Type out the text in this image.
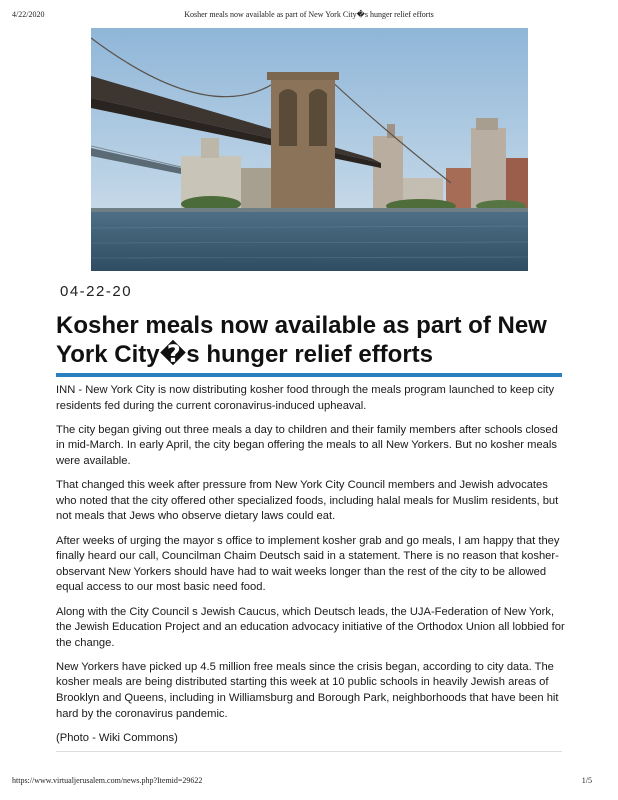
4/22/2020	Kosher meals now available as part of New York City�s hunger relief efforts
04-22-20
Kosher meals now available as part of New York City�s hunger relief efforts

INN - New York City is now distributing kosher food through the meals program launched to keep city residents fed during the current coronavirus-induced upheaval.

The city began giving out three meals a day to children and their family members after schools closed in mid-March. In early April, the city began offering the meals to all New Yorkers. But no kosher meals were available.

That changed this week after pressure from New York City Council members and Jewish advocates who noted that the city offered other specialized foods, including halal meals for Muslim residents, but not meals that Jews who observe dietary laws could eat.

After weeks of urging the mayor s office to implement kosher grab and go meals, I am happy that they finally heard our call, Councilman Chaim Deutsch said in a statement. There is no reason that kosher-observant New Yorkers should have had to wait weeks longer than the rest of the city to be allowed equal access to our most basic need food.

Along with the City Council s Jewish Caucus, which Deutsch leads, the UJA-Federation of New York, the Jewish Education Project and an education advocacy initiative of the Orthodox Union all lobbied for the change.

New Yorkers have picked up 4.5 million free meals since the crisis began, according to city data. The kosher meals are being distributed starting this week at 10 public schools in heavily Jewish areas of Brooklyn and Queens, including in Williamsburg and Borough Park, neighborhoods that have been hit hard by the coronavirus pandemic.

(Photo - Wiki Commons)

https://www.virtualjerusalem.com/news.php?Itemid=29622	1/5
